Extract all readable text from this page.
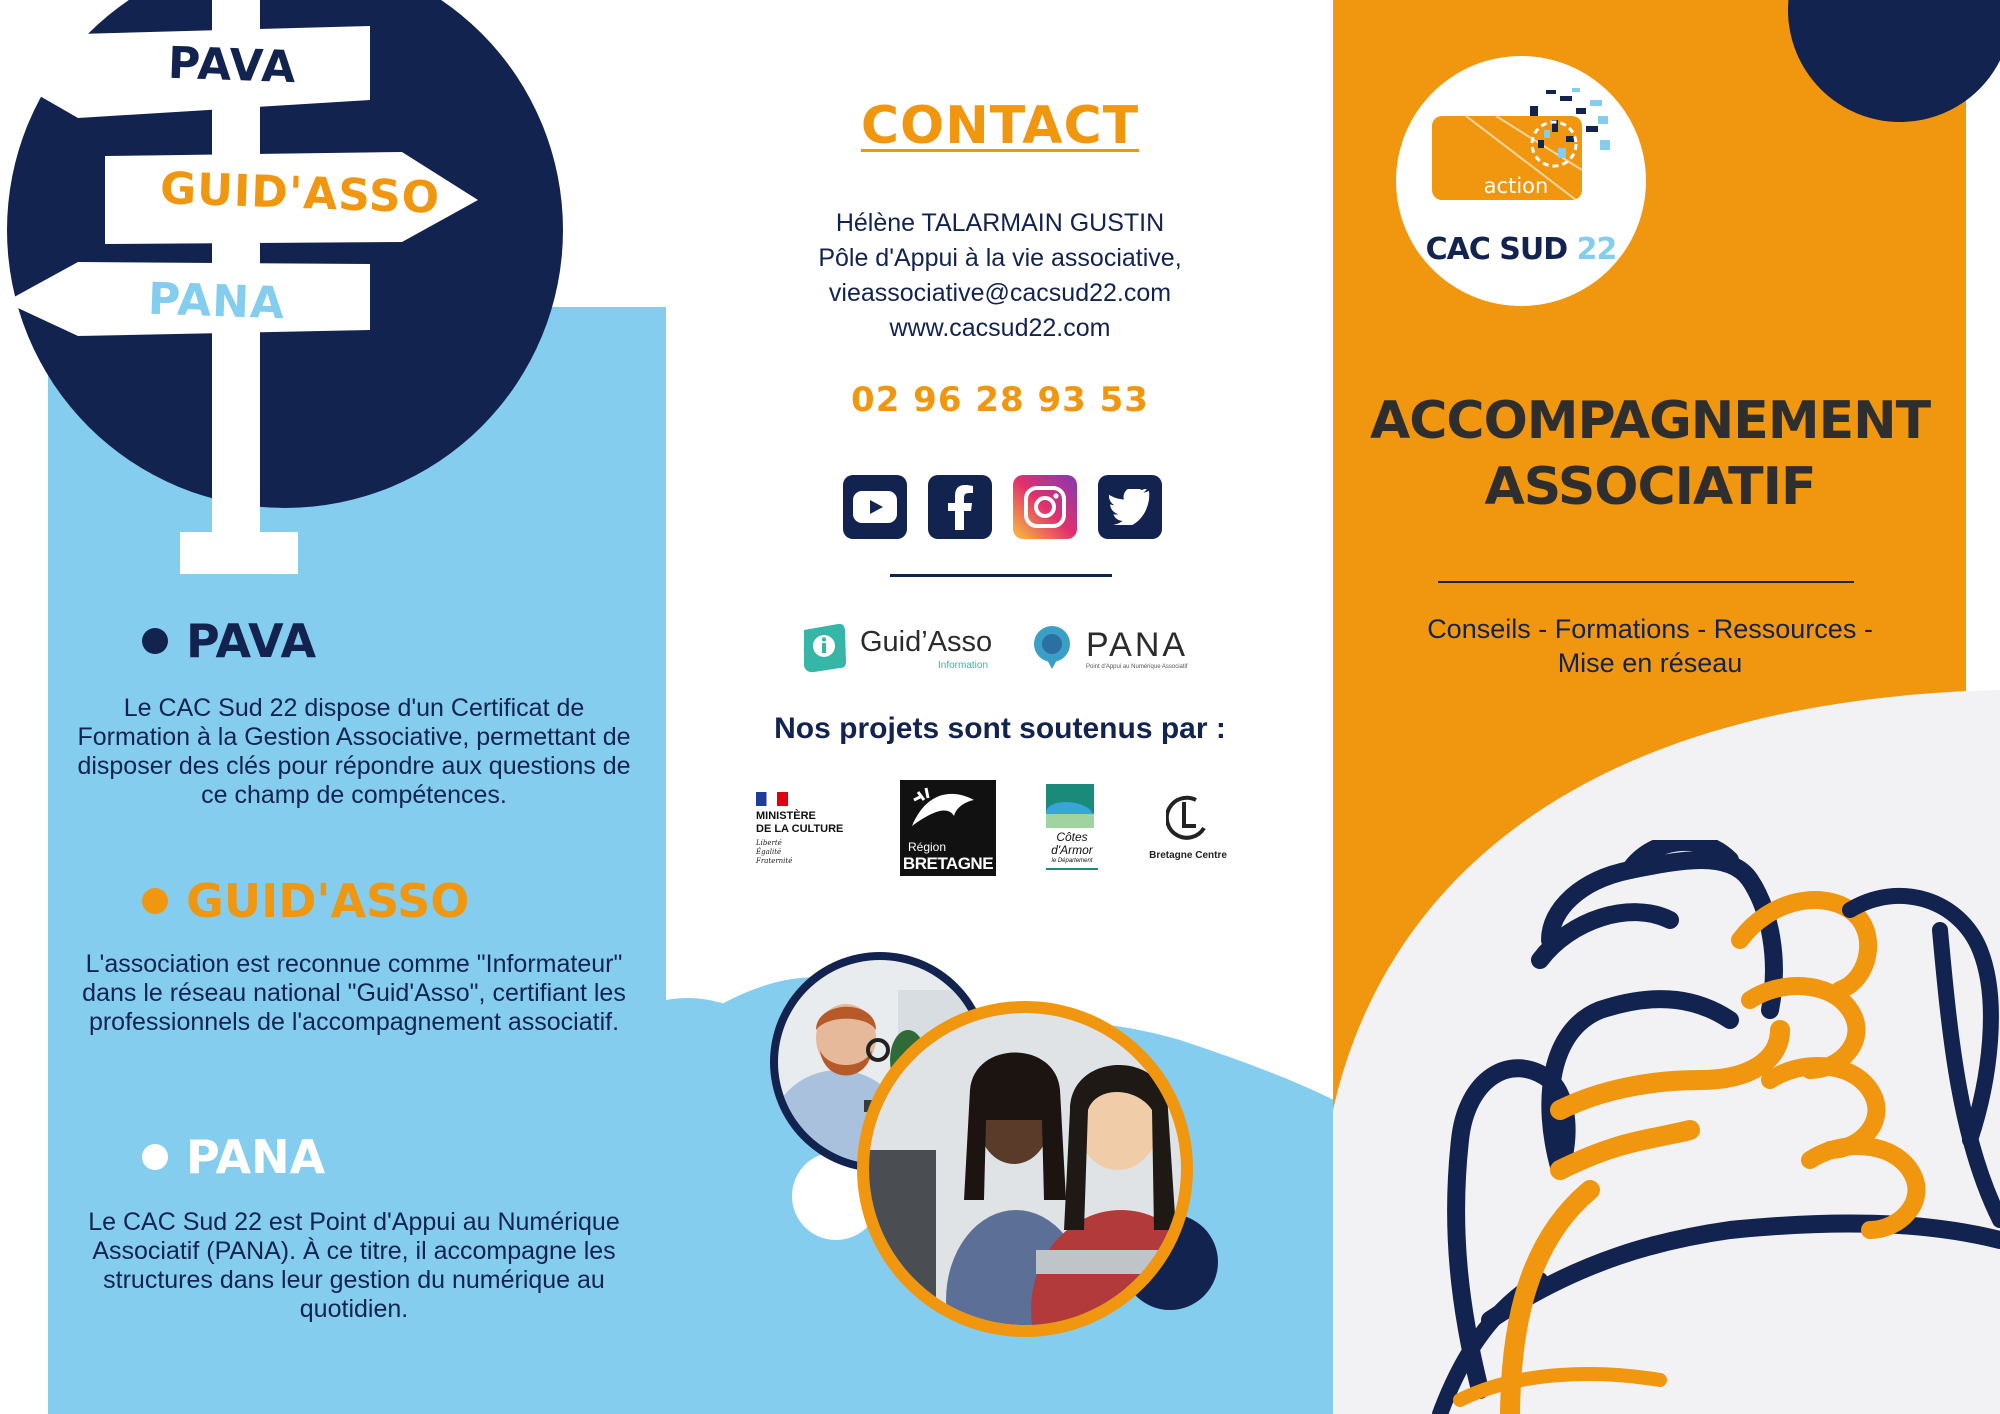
PAVA
GUID'ASSO
PANA
PAVA
Le CAC Sud 22 dispose d'un Certificat de Formation à la Gestion Associative, permettant de disposer des clés pour répondre aux questions de ce champ de compétences.
GUID'ASSO
L'association est reconnue comme "Informateur" dans le réseau national "Guid'Asso", certifiant les professionnels de l'accompagnement associatif.
PANA
Le CAC Sud 22 est Point d'Appui au Numérique Associatif (PANA). À ce titre, il accompagne les structures dans leur gestion du numérique au quotidien.
CONTACT
Hélène TALARMAIN GUSTIN
Pôle d'Appui à la vie associative,
vieassociative@cacsud22.com
www.cacsud22.com
02 96 28 93 53
Guid’Asso
Information
PANA
Point d'Appui au Numérique Associatif
Nos projets sont soutenus par :
MINISTÈRE
DE LA CULTURE
Liberté
Égalité
Fraternité
Région
BRETAGNE
Côtes
d'Armor
le Département	Bretagne Centre
action culturelle
CAC SUD 22
ACCOMPAGNEMENT
ASSOCIATIF
Conseils - Formations - Ressources -
Mise en réseau
